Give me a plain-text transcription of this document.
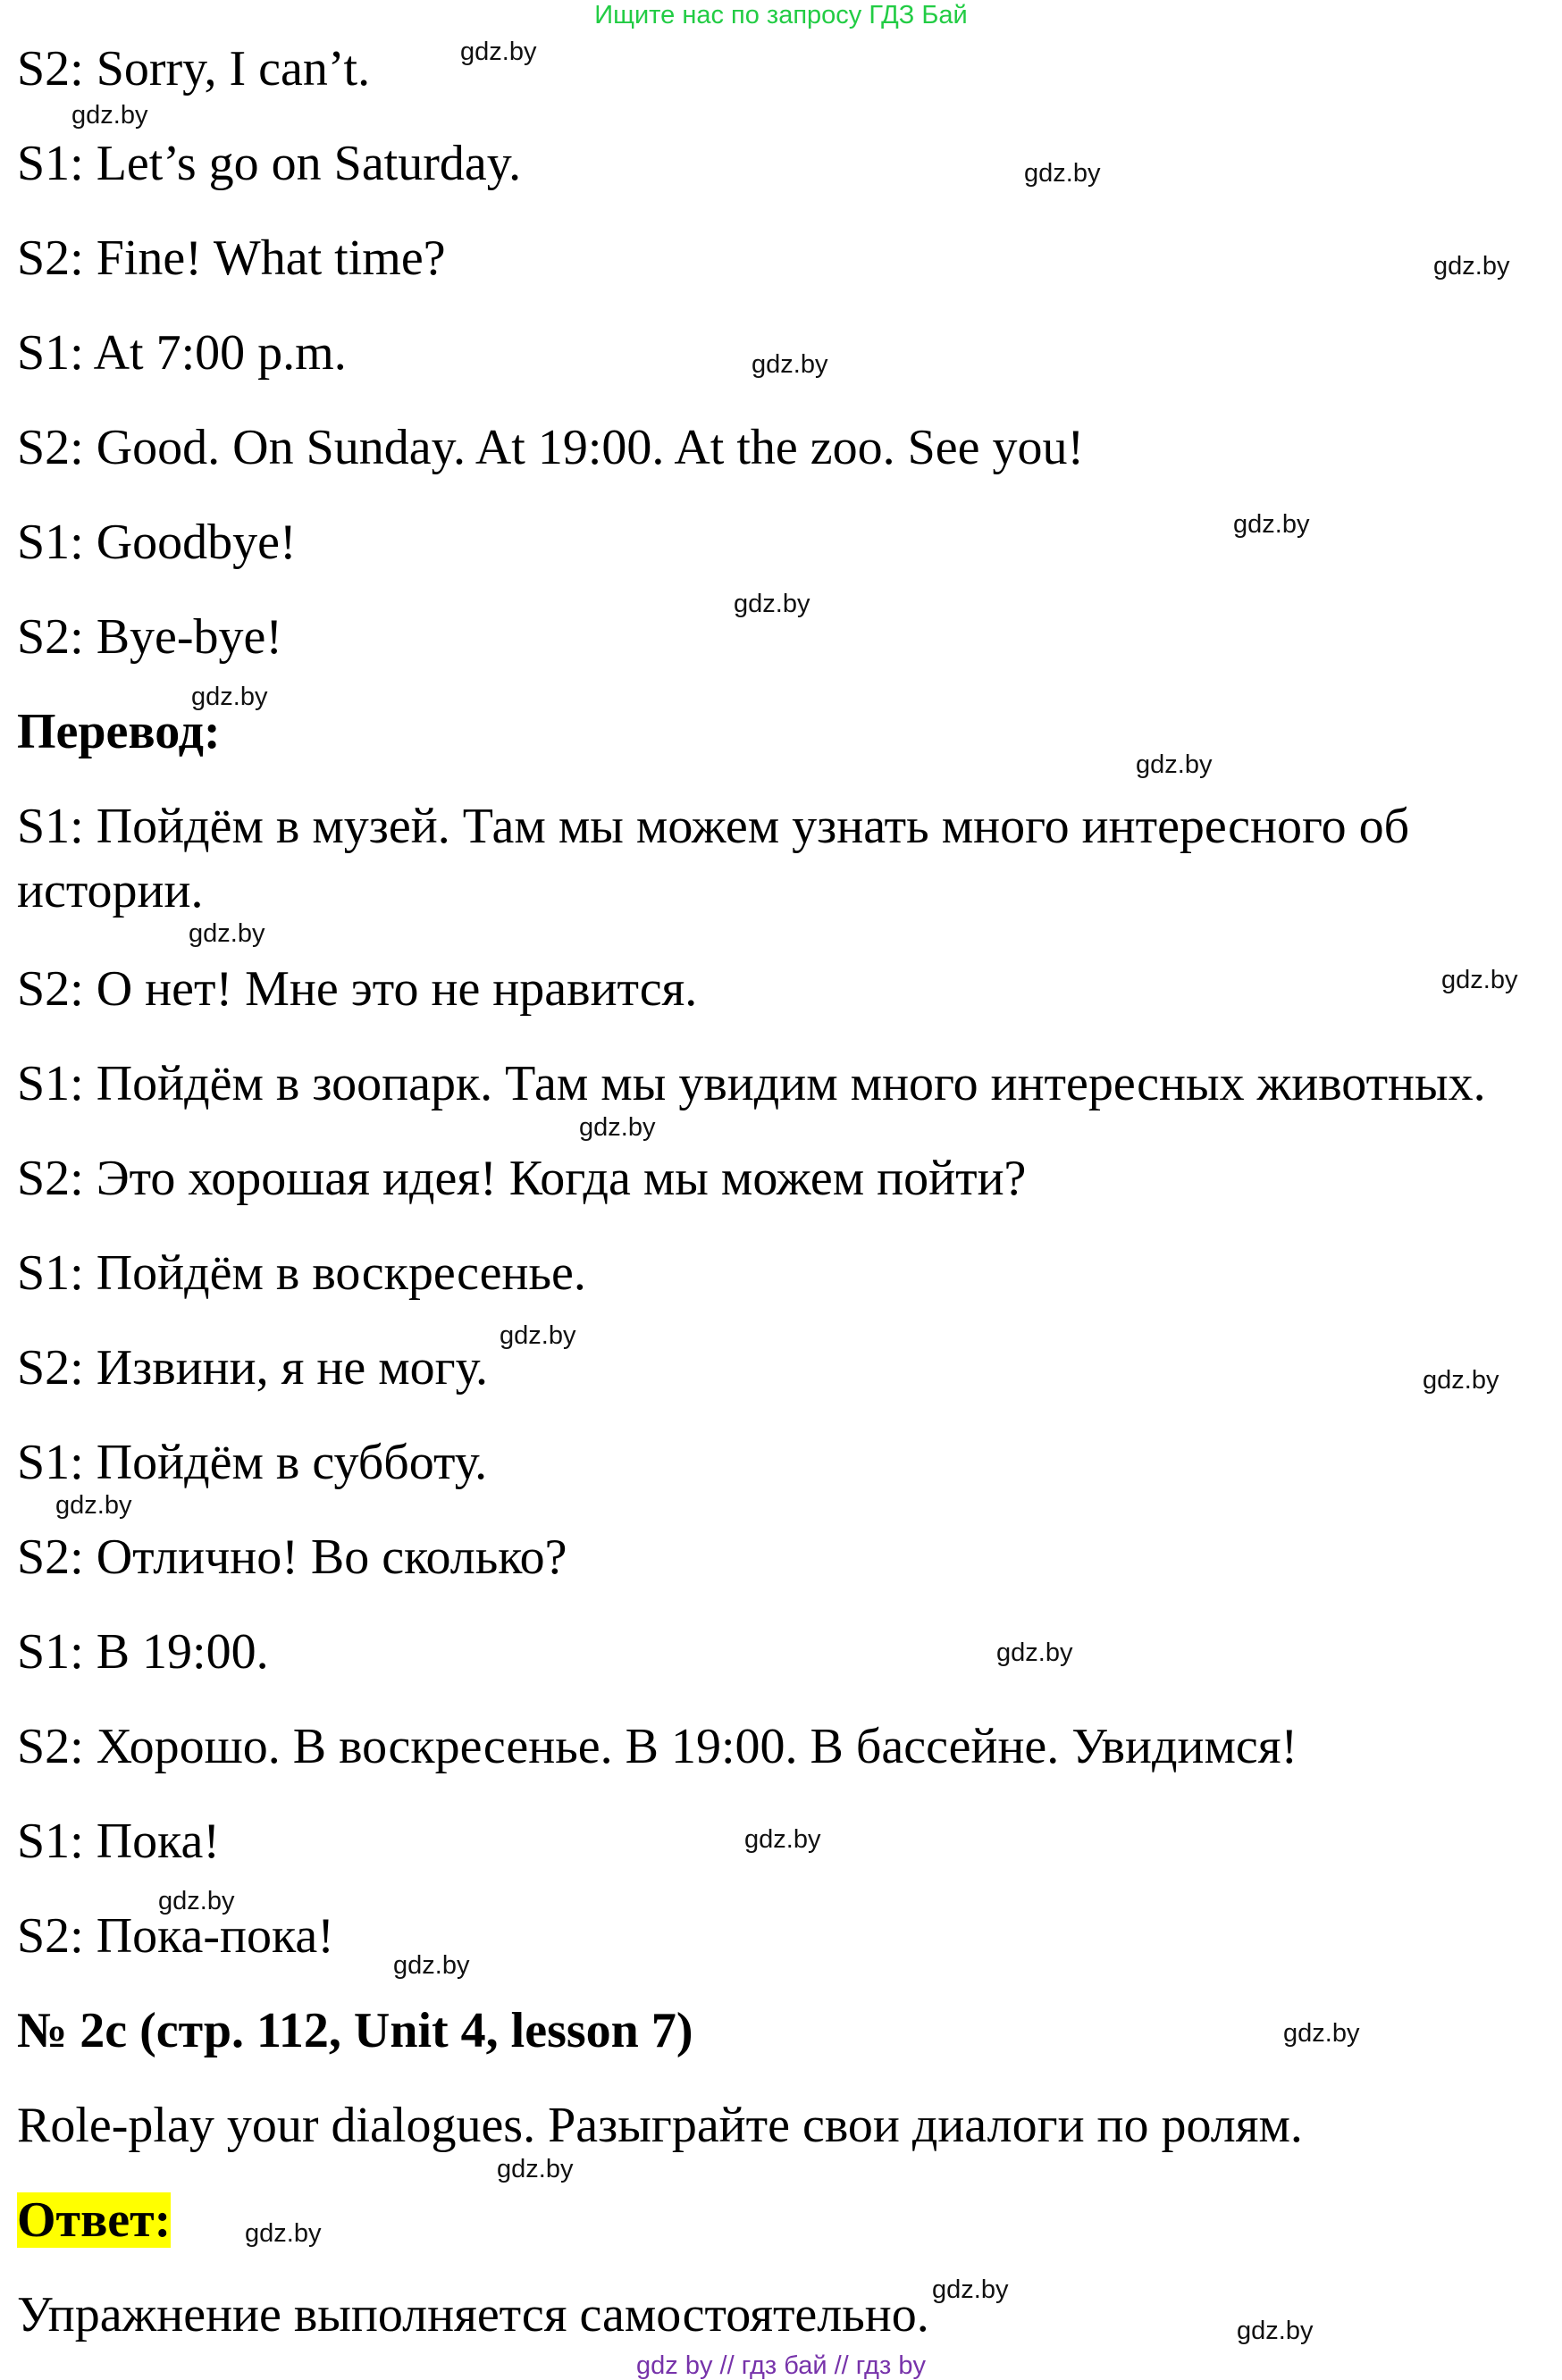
Ищите нас по запросу ГДЗ Бай
S2: Sorry, I can’t.
S1: Let’s go on Saturday.
S2: Fine! What time?
S1: At 7:00 p.m.
S2: Good. On Sunday. At 19:00. At the zoo. See you!
S1: Goodbye!
S2: Bye-bye!
Перевод:
S1: Пойдём в музей. Там мы можем узнать много интересного об
истории.
S2: О нет! Мне это не нравится.
S1: Пойдём в зоопарк. Там мы увидим много интересных животных.
S2: Это хорошая идея! Когда мы можем пойти?
S1: Пойдём в воскресенье.
S2: Извини, я не могу.
S1: Пойдём в субботу.
S2: Отлично! Во сколько?
S1: В 19:00.
S2: Хорошо. В воскресенье. В 19:00. В бассейне. Увидимся!
S1: Пока!
S2: Пока-пока!
№ 2c (стр. 112, Unit 4, lesson 7)
Role-play your dialogues. Разыграйте свои диалоги по ролям.
Ответ:
Упражнение выполняется самостоятельно.
gdz.by
gdz.by
gdz.by
gdz.by
gdz.by
gdz.by
gdz.by
gdz.by
gdz.by
gdz.by
gdz.by
gdz.by
gdz.by
gdz.by
gdz.by
gdz.by
gdz.by
gdz.by
gdz.by
gdz.by
gdz.by
gdz.by
gdz.by
gdz.by
gdz by // гдз бай // гдз by
